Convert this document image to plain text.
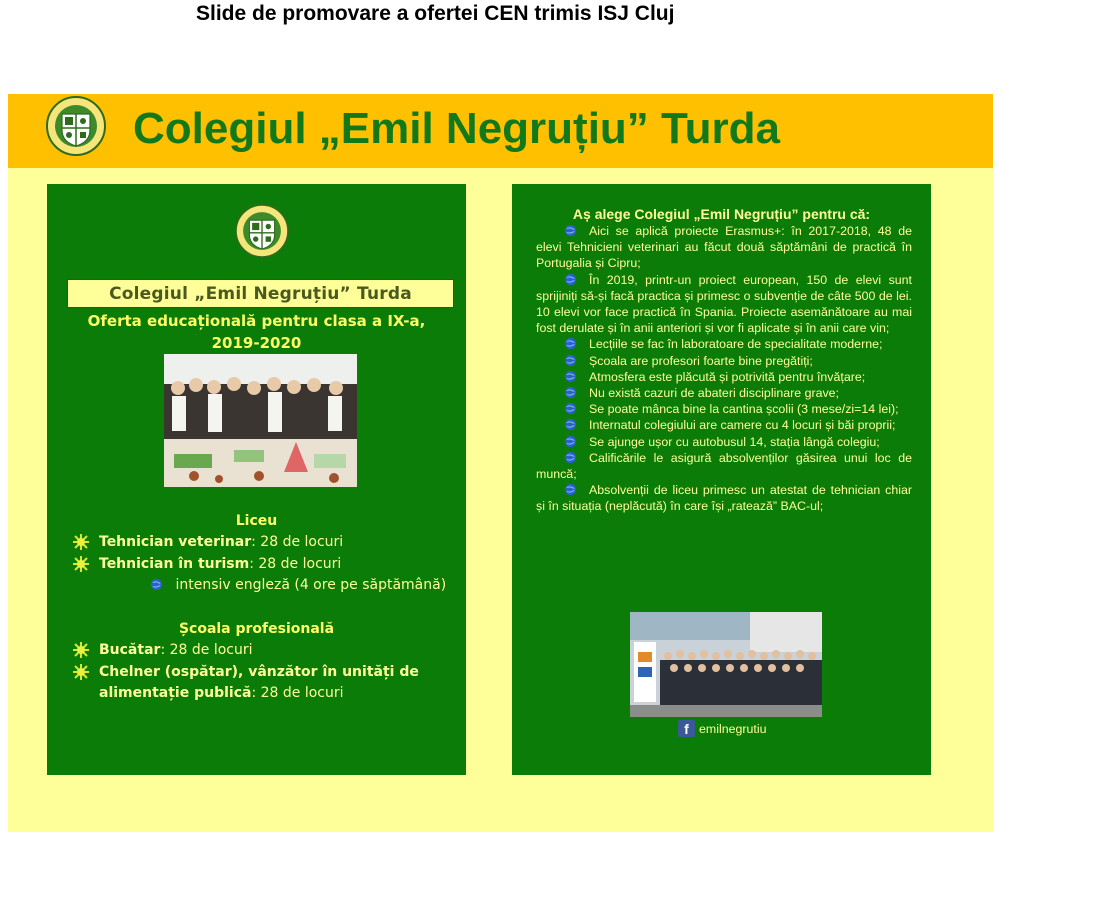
Slide de promovare a ofertei CEN trimis ISJ Cluj
Colegiul „Emil Negruțiu” Turda
Colegiul „Emil Negruțiu” Turda
Oferta educațională pentru clasa a IX-a,
2019-2020
Liceu
Tehnician veterinar: 28 de locuri
Tehnician în turism: 28 de locuri
intensiv engleză (4 ore pe săptămână)
Școala profesională
Bucătar: 28 de locuri
Chelner (ospătar), vânzător în unități de
alimentație publică: 28 de locuri
Aș alege Colegiul „Emil Negruțiu” pentru că:

Aici se aplică proiecte Erasmus+: în 2017-2018, 48 de elevi Tehnicieni veterinari au făcut două săptămâni de practică în Portugalia și Cipru;

În 2019, printr-un proiect european, 150 de elevi sunt sprijiniți să-și facă practica și primesc o subvenție de câte 500 de lei. 10 elevi vor face practică în Spania. Proiecte asemănătoare au mai fost derulate și în anii anteriori și vor fi aplicate și în anii care vin;

Lecțiile se fac în laboratoare de specialitate moderne;

Școala are profesori foarte bine pregătiți;

Atmosfera este plăcută și potrivită pentru învățare;

Nu există cazuri de abateri disciplinare grave;

Se poate mânca bine la cantina școlii (3 mese/zi=14 lei);

Internatul colegiului are camere cu 4 locuri și băi proprii;

Se ajunge ușor cu autobusul 14, stația lângă colegiu;

Calificările le asigură absolvenților găsirea unui loc de muncă;

Absolvenții de liceu primesc un atestat de tehnician chiar și în situația (neplăcută) în care își „ratează” BAC-ul;

f emilnegrutiu
